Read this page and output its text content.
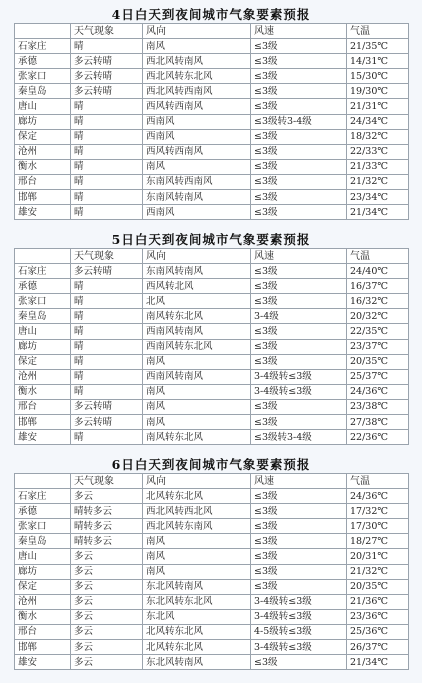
4日白天到夜间城市气象要素预报
	天气现象	风向	风速	气温
石家庄	晴	南风	≤3级	21/35℃
承德	多云转晴	西北风转南风	≤3级	14/31℃
张家口	多云转晴	西北风转东北风	≤3级	15/30℃
秦皇岛	多云转晴	西北风转西南风	≤3级	19/30℃
唐山	晴	西风转西南风	≤3级	21/31℃
廊坊	晴	西南风	≤3级转3-4级	24/34℃
保定	晴	西南风	≤3级	18/32℃
沧州	晴	西风转西南风	≤3级	22/33℃
衡水	晴	南风	≤3级	21/33℃
邢台	晴	东南风转西南风	≤3级	21/32℃
邯郸	晴	东南风转南风	≤3级	23/34℃
雄安	晴	西南风	≤3级	21/34℃
5日白天到夜间城市气象要素预报
	天气现象	风向	风速	气温
石家庄	多云转晴	东南风转南风	≤3级	24/40℃
承德	晴	西风转北风	≤3级	16/37℃
张家口	晴	北风	≤3级	16/32℃
秦皇岛	晴	南风转东北风	3-4级	20/32℃
唐山	晴	西南风转南风	≤3级	22/35℃
廊坊	晴	西南风转东北风	≤3级	23/37℃
保定	晴	南风	≤3级	20/35℃
沧州	晴	西南风转南风	3-4级转≤3级	25/37℃
衡水	晴	南风	3-4级转≤3级	24/36℃
邢台	多云转晴	南风	≤3级	23/38℃
邯郸	多云转晴	南风	≤3级	27/38℃
雄安	晴	南风转东北风	≤3级转3-4级	22/36℃
6日白天到夜间城市气象要素预报
	天气现象	风向	风速	气温
石家庄	多云	北风转东北风	≤3级	24/36℃
承德	晴转多云	西北风转西北风	≤3级	17/32℃
张家口	晴转多云	西北风转东南风	≤3级	17/30℃
秦皇岛	晴转多云	南风	≤3级	18/27℃
唐山	多云	南风	≤3级	20/31℃
廊坊	多云	南风	≤3级	21/32℃
保定	多云	东北风转南风	≤3级	20/35℃
沧州	多云	东北风转东北风	3-4级转≤3级	21/36℃
衡水	多云	东北风	3-4级转≤3级	23/36℃
邢台	多云	北风转东北风	4-5级转≤3级	25/36℃
邯郸	多云	北风转东北风	3-4级转≤3级	26/37℃
雄安	多云	东北风转南风	≤3级	21/34℃
